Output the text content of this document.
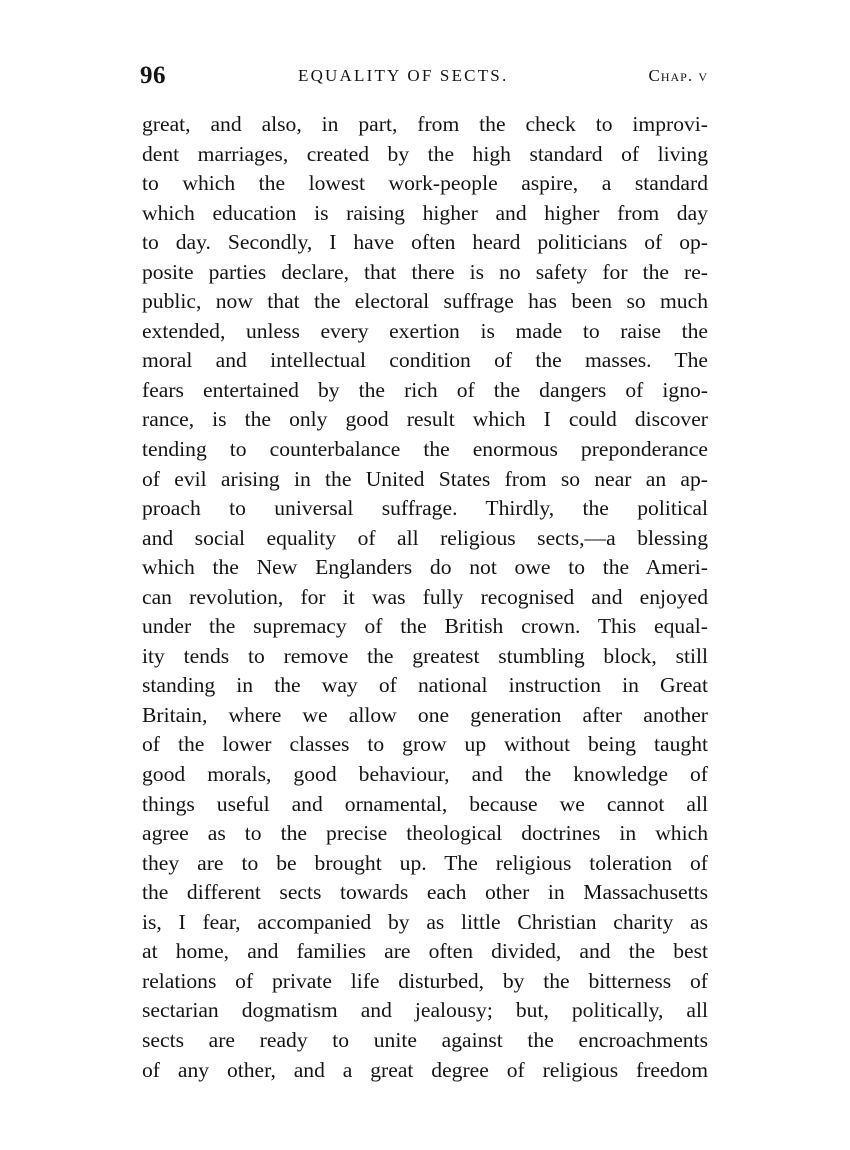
96	EQUALITY OF SECTS.	Chap. v
great, and also, in part, from the check to improvi-
dent marriages, created by the high standard of living
to which the lowest work-people aspire, a standard
which education is raising higher and higher from day
to day. Secondly, I have often heard politicians of op-
posite parties declare, that there is no safety for the re-
public, now that the electoral suffrage has been so much
extended, unless every exertion is made to raise the
moral and intellectual condition of the masses. The
fears entertained by the rich of the dangers of igno-
rance, is the only good result which I could discover
tending to counterbalance the enormous preponderance
of evil arising in the United States from so near an ap-
proach to universal suffrage. Thirdly, the political
and social equality of all religious sects,—a blessing
which the New Englanders do not owe to the Ameri-
can revolution, for it was fully recognised and enjoyed
under the supremacy of the British crown. This equal-
ity tends to remove the greatest stumbling block, still
standing in the way of national instruction in Great
Britain, where we allow one generation after another
of the lower classes to grow up without being taught
good morals, good behaviour, and the knowledge of
things useful and ornamental, because we cannot all
agree as to the precise theological doctrines in which
they are to be brought up. The religious toleration of
the different sects towards each other in Massachusetts
is, I fear, accompanied by as little Christian charity as
at home, and families are often divided, and the best
relations of private life disturbed, by the bitterness of
sectarian dogmatism and jealousy; but, politically, all
sects are ready to unite against the encroachments
of any other, and a great degree of religious freedom
